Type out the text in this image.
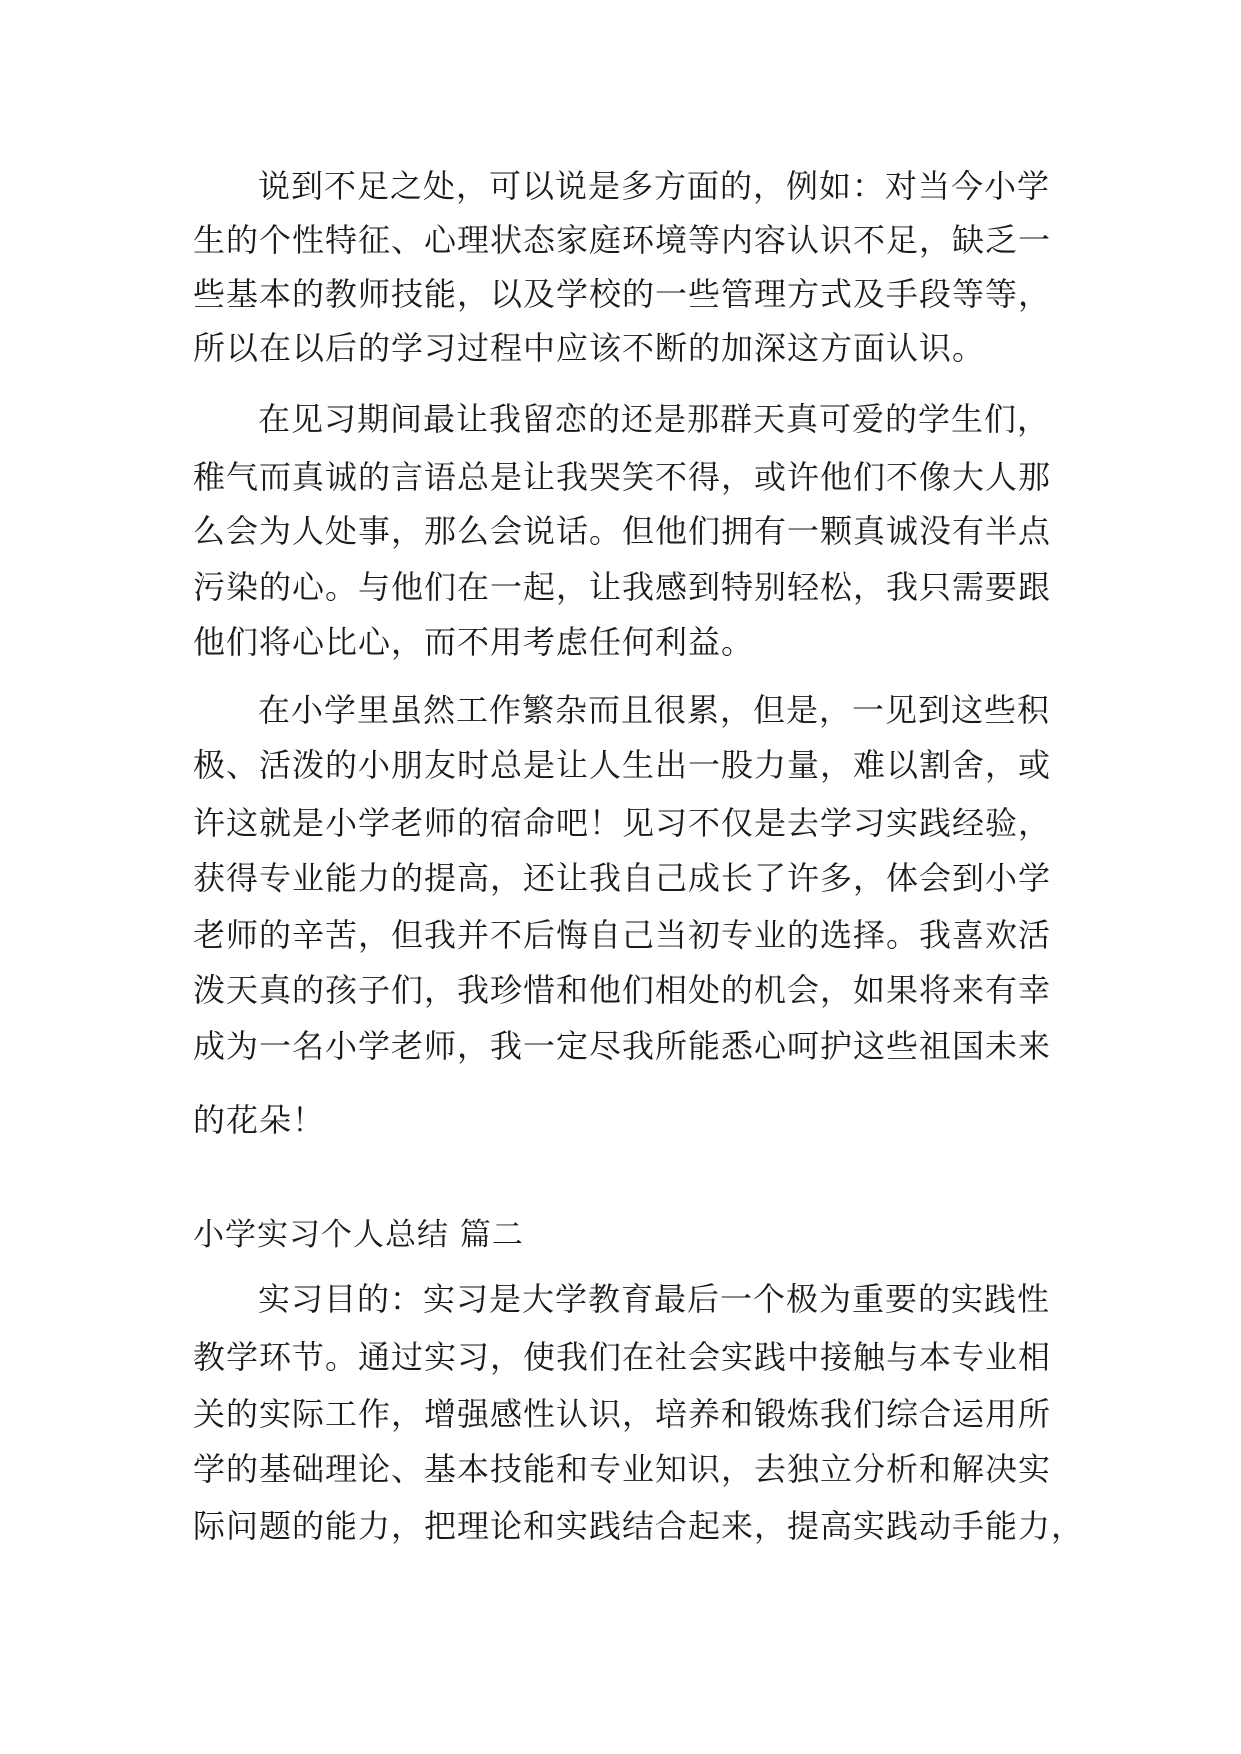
说到不足之处，可以说是多方面的，例如：对当今小学
生的个性特征、心理状态家庭环境等内容认识不足，缺乏一
些基本的教师技能，以及学校的一些管理方式及手段等等，
所以在以后的学习过程中应该不断的加深这方面认识。
在见习期间最让我留恋的还是那群天真可爱的学生们，
稚气而真诚的言语总是让我哭笑不得，或许他们不像大人那
么会为人处事，那么会说话。但他们拥有一颗真诚没有半点
污染的心。与他们在一起，让我感到特别轻松，我只需要跟
他们将心比心，而不用考虑任何利益。
在小学里虽然工作繁杂而且很累，但是，一见到这些积
极、活泼的小朋友时总是让人生出一股力量，难以割舍，或
许这就是小学老师的宿命吧！见习不仅是去学习实践经验，
获得专业能力的提高，还让我自己成长了许多，体会到小学
老师的辛苦，但我并不后悔自己当初专业的选择。我喜欢活
泼天真的孩子们，我珍惜和他们相处的机会，如果将来有幸
成为一名小学老师，我一定尽我所能悉心呵护这些祖国未来
的花朵！
小学实习个人总结 篇二
实习目的：实习是大学教育最后一个极为重要的实践性
教学环节。通过实习，使我们在社会实践中接触与本专业相
关的实际工作，增强感性认识，培养和锻炼我们综合运用所
学的基础理论、基本技能和专业知识，去独立分析和解决实
际问题的能力，把理论和实践结合起来，提高实践动手能力，
